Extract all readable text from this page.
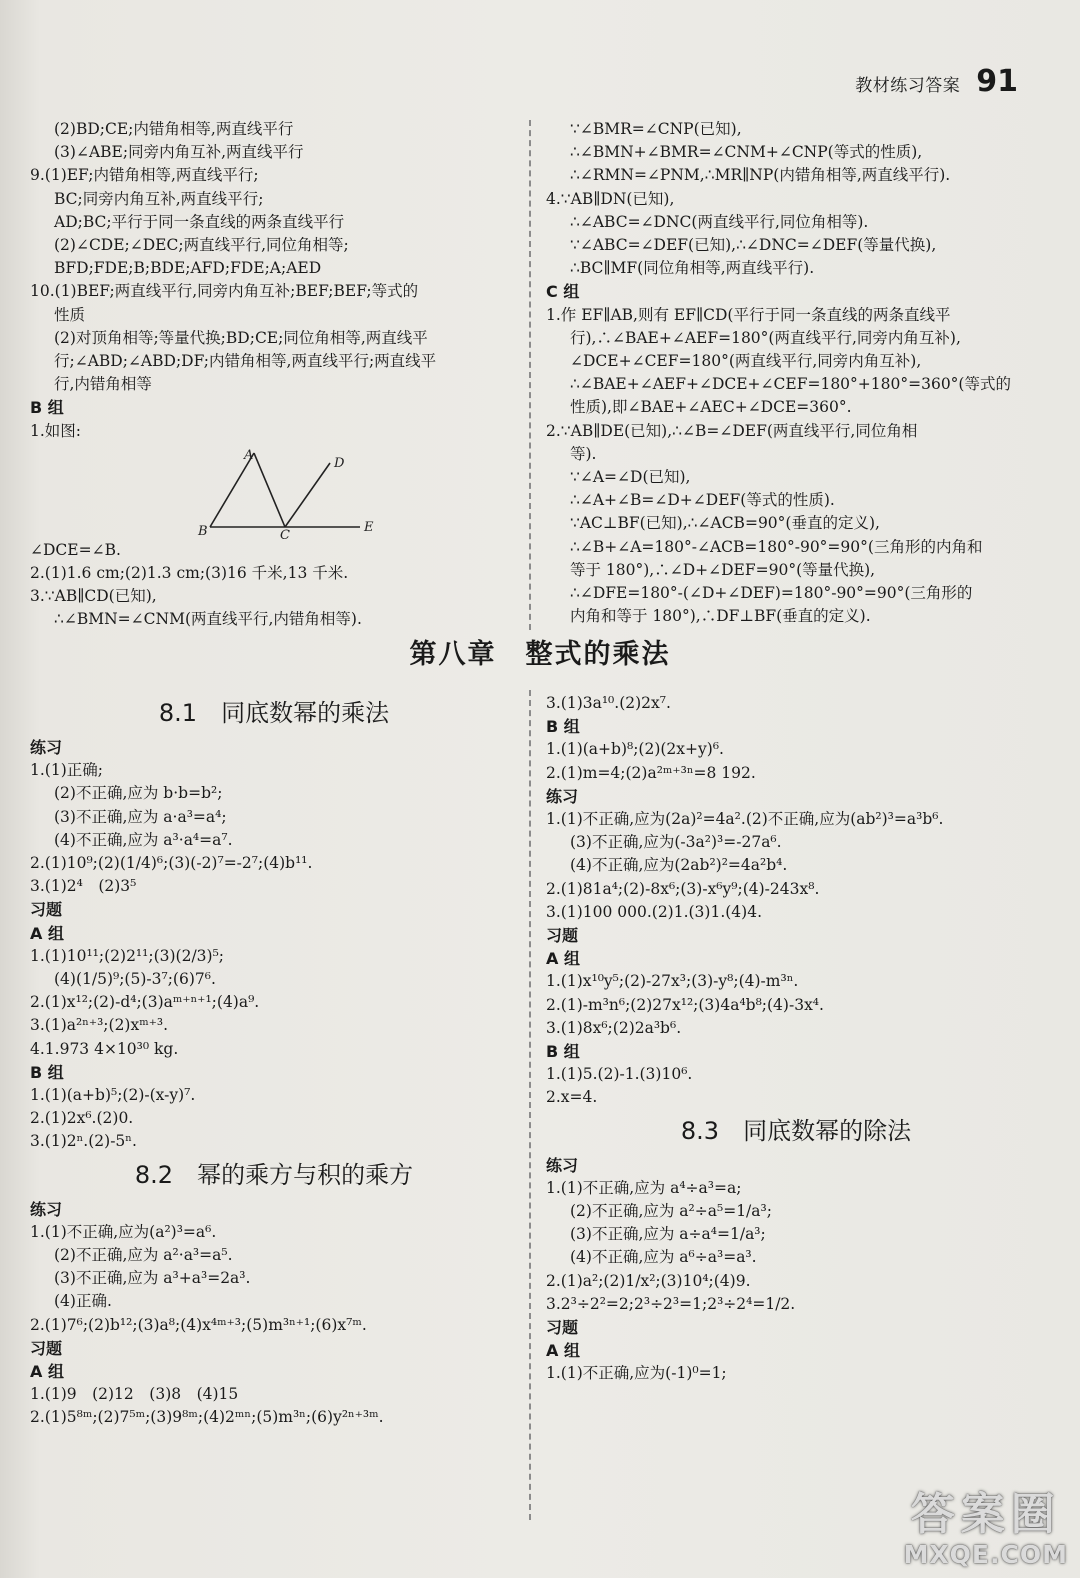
教材练习答案 91

(2)BD;CE;内错角相等,两直线平行

(3)∠ABE;同旁内角互补,两直线平行

9.(1)EF;内错角相等,两直线平行;

BC;同旁内角互补,两直线平行;

AD;BC;平行于同一条直线的两条直线平行

(2)∠CDE;∠DEC;两直线平行,同位角相等;

BFD;FDE;B;BDE;AFD;FDE;A;AED

10.(1)BEF;两直线平行,同旁内角互补;BEF;BEF;等式的

性质

(2)对顶角相等;等量代换;BD;CE;同位角相等,两直线平

行;∠ABD;∠ABD;DF;内错角相等,两直线平行;两直线平

行,内错角相等

B 组

1.如图:

A
D
B	C
E

∠DCE=∠B.

2.(1)1.6 cm;(2)1.3 cm;(3)16 千米,13 千米.

3.∵AB∥CD(已知),

∴∠BMN=∠CNM(两直线平行,内错角相等).

∵∠BMR=∠CNP(已知),

∴∠BMN+∠BMR=∠CNM+∠CNP(等式的性质),

∴∠RMN=∠PNM,∴MR∥NP(内错角相等,两直线平行).

4.∵AB∥DN(已知),

∴∠ABC=∠DNC(两直线平行,同位角相等).

∵∠ABC=∠DEF(已知),∴∠DNC=∠DEF(等量代换),

∴BC∥MF(同位角相等,两直线平行).

C 组

1.作 EF∥AB,则有 EF∥CD(平行于同一条直线的两条直线平

行),∴∠BAE+∠AEF=180°(两直线平行,同旁内角互补),

∠DCE+∠CEF=180°(两直线平行,同旁内角互补),

∴∠BAE+∠AEF+∠DCE+∠CEF=180°+180°=360°(等式的

性质),即∠BAE+∠AEC+∠DCE=360°.

2.∵AB∥DE(已知),∴∠B=∠DEF(两直线平行,同位角相

等).

∵∠A=∠D(已知),

∴∠A+∠B=∠D+∠DEF(等式的性质).

∵AC⊥BF(已知),∴∠ACB=90°(垂直的定义),

∴∠B+∠A=180°-∠ACB=180°-90°=90°(三角形的内角和

等于 180°),∴∠D+∠DEF=90°(等量代换),

∴∠DFE=180°-(∠D+∠DEF)=180°-90°=90°(三角形的

内角和等于 180°),∴DF⊥BF(垂直的定义).

第八章　整式的乘法

8.1　同底数幂的乘法

练习

1.(1)正确;

(2)不正确,应为 b·b=b²;

(3)不正确,应为 a·a³=a⁴;

(4)不正确,应为 a³·a⁴=a⁷.

2.(1)10⁹;(2)(1/4)⁶;(3)(-2)⁷=-2⁷;(4)b¹¹.

3.(1)2⁴　(2)3⁵

习题

A 组

1.(1)10¹¹;(2)2¹¹;(3)(2/3)⁵;

(4)(1/5)⁹;(5)-3⁷;(6)7⁶.

2.(1)x¹²;(2)-d⁴;(3)aᵐ⁺ⁿ⁺¹;(4)a⁹.

3.(1)a²ⁿ⁺³;(2)xᵐ⁺³.

4.1.973 4×10³⁰ kg.

B 组

1.(1)(a+b)⁵;(2)-(x-y)⁷.

2.(1)2x⁶.(2)0.

3.(1)2ⁿ.(2)-5ⁿ.

8.2　幂的乘方与积的乘方

练习

1.(1)不正确,应为(a²)³=a⁶.

(2)不正确,应为 a²·a³=a⁵.

(3)不正确,应为 a³+a³=2a³.

(4)正确.

2.(1)7⁶;(2)b¹²;(3)a⁸;(4)x⁴ᵐ⁺³;(5)m³ⁿ⁺¹;(6)x⁷ᵐ.

习题

A 组

1.(1)9　(2)12　(3)8　(4)15

2.(1)5⁸ᵐ;(2)7⁵ᵐ;(3)9⁸ᵐ;(4)2ᵐⁿ;(5)m³ⁿ;(6)y²ⁿ⁺³ᵐ.

3.(1)3a¹⁰.(2)2x⁷.

B 组

1.(1)(a+b)⁸;(2)(2x+y)⁶.

2.(1)m=4;(2)a²ᵐ⁺³ⁿ=8 192.

练习

1.(1)不正确,应为(2a)²=4a².(2)不正确,应为(ab²)³=a³b⁶.

(3)不正确,应为(-3a²)³=-27a⁶.

(4)不正确,应为(2ab²)²=4a²b⁴.

2.(1)81a⁴;(2)-8x⁶;(3)-x⁶y⁹;(4)-243x⁸.

3.(1)100 000.(2)1.(3)1.(4)4.

习题

A 组

1.(1)x¹⁰y⁵;(2)-27x³;(3)-y⁸;(4)-m³ⁿ.

2.(1)-m³n⁶;(2)27x¹²;(3)4a⁴b⁸;(4)-3x⁴.

3.(1)8x⁶;(2)2a³b⁶.

B 组

1.(1)5.(2)-1.(3)10⁶.

2.x=4.

8.3　同底数幂的除法

练习

1.(1)不正确,应为 a⁴÷a³=a;

(2)不正确,应为 a²÷a⁵=1/a³;

(3)不正确,应为 a÷a⁴=1/a³;

(4)不正确,应为 a⁶÷a³=a³.

2.(1)a²;(2)1/x²;(3)10⁴;(4)9.

3.2³÷2²=2;2³÷2³=1;2³÷2⁴=1/2.

习题

A 组

1.(1)不正确,应为(-1)⁰=1;

答案圈
MXQE.COM
